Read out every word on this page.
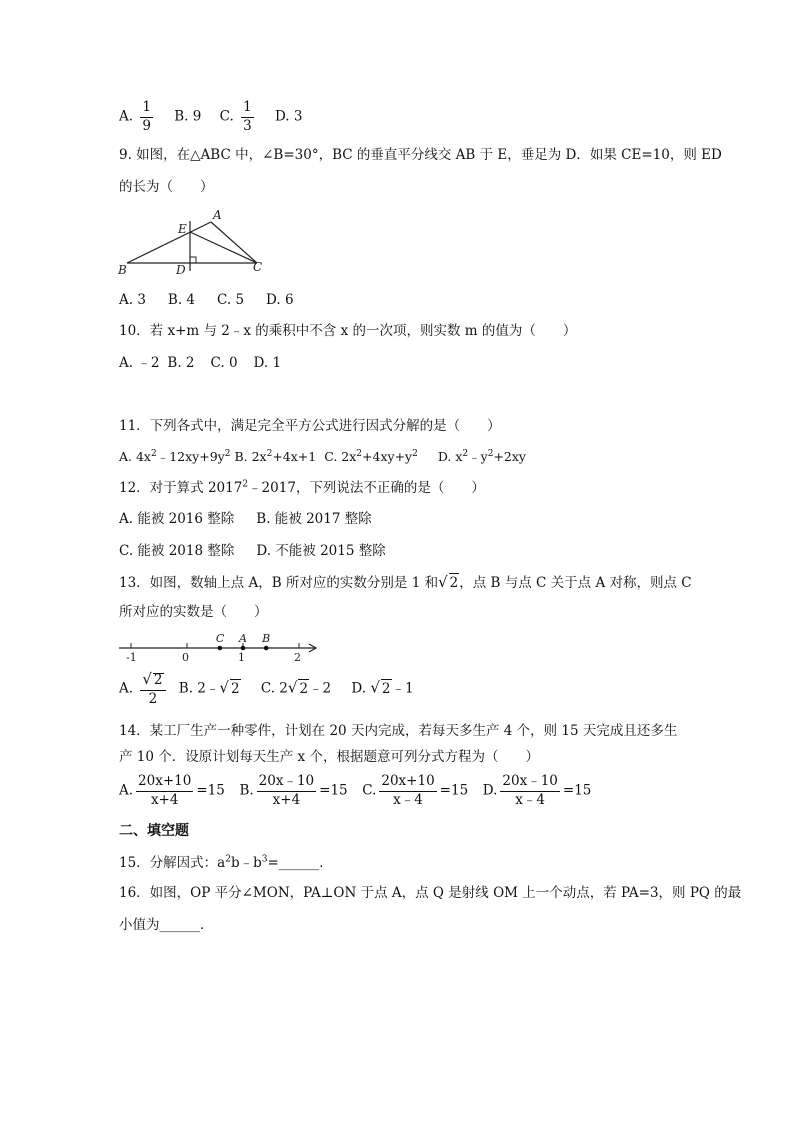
A. $\frac{1}{9} B$. 9 C. $\frac{1}{3} D$. 3
9. 如图，在△ABC 中，∠B=30°，BC 的垂直平分线交 AB 于 E，垂足为 D．如果 CE=10，则 ED
的长为（　　）
A
E
B	D	C
A. 3 B. 4 C. 5 D. 6
10．若 x+m 与 2﹣x 的乘积中不含 x 的一次项，则实数 m 的值为（　　）
A. ﹣2 B. 2 C. 0 D. 1
11．下列各式中，满足完全平方公式进行因式分解的是（　　）
A. $4x^2﹣12xy+9y^2$ B. $2x^2+4x+1$ C. $2x^2+4xy+y^2$ D. $x^2﹣y^2+2xy$
12．对于算式 2017$^2$﹣2017，下列说法不正确的是（　　）
A. 能被 2016 整除 B. 能被 2017 整除
C. 能被 2018 整除 D. 不能被 2015 整除
13．如图，数轴上点 A，B 所对应的实数分别是 1 和√ 2，点 B 与点 C 关于点 A 对称，则点 C
所对应的实数是（　　）
-1	0	1	2
C A B
A. $\frac{√ 2}{2} B$. 2﹣√ 2 C. 2√ 2﹣2 D. √ 2﹣1
14．某工厂生产一种零件，计划在 20 天内完成，若每天多生产 4 个，则 15 天完成且还多生
产 10 个．设原计划每天生产 x 个，根据题意可列分式方程为（　　）
A. $\frac{20x+10}{x+4} =15$ B. $\frac{20x﹣10}{x+4} =15$ C. $\frac{20x+10}{x﹣4} =15$ D. $\frac{20x﹣10}{x﹣4} =15$
二、填空题
15．分解因式：$a^2b﹣b^3=\_\_\_\_\_\_$．
16．如图，OP 平分∠MON，PA⊥ON 于点 A，点 Q 是射线 OM 上一个动点，若 PA=3，则 PQ 的最
小值为______．
